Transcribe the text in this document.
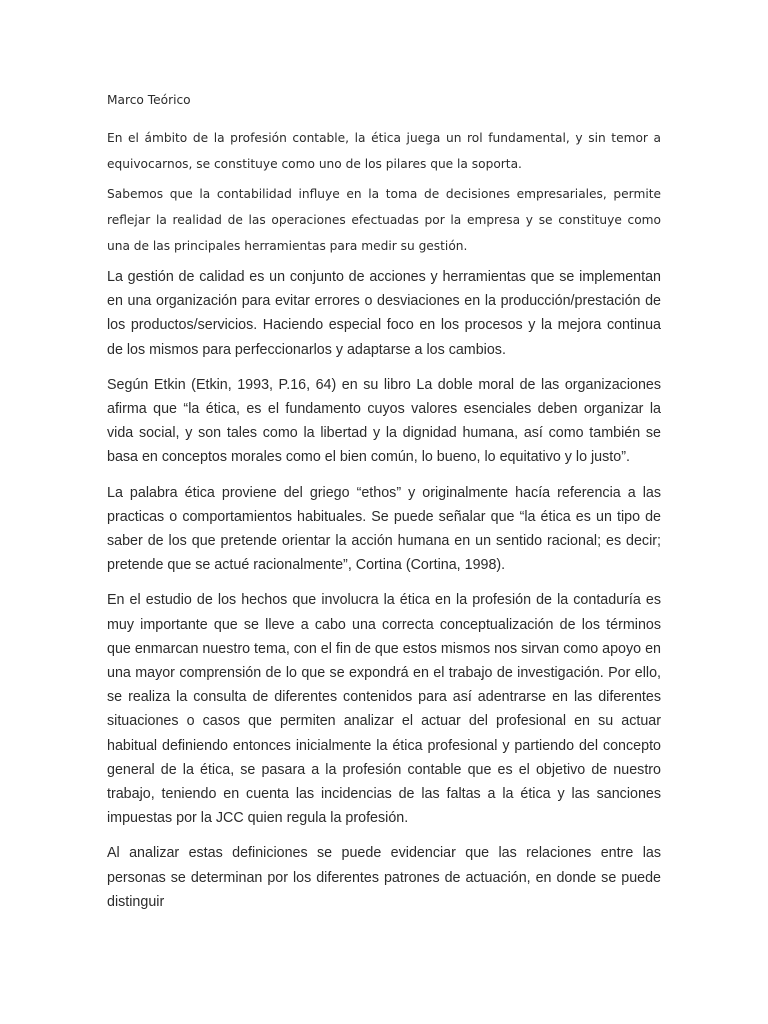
Marco Teórico

En el ámbito de la profesión contable, la ética juega un rol fundamental, y sin temor a equivocarnos, se constituye como uno de los pilares que la soporta.

Sabemos que la contabilidad influye en la toma de decisiones empresariales, permite reflejar la realidad de las operaciones efectuadas por la empresa y se constituye como una de las principales herramientas para medir su gestión.

La gestión de calidad es un conjunto de acciones y herramientas que se implementan en una organización para evitar errores o desviaciones en la producción/prestación de los productos/servicios. Haciendo especial foco en los procesos y la mejora continua de los mismos para perfeccionarlos y adaptarse a los cambios.

Según Etkin (Etkin, 1993, P.16, 64) en su libro La doble moral de las organizaciones afirma que “la ética, es el fundamento cuyos valores esenciales deben organizar la vida social, y son tales como la libertad y la dignidad humana, así como también se basa en conceptos morales como el bien común, lo bueno, lo equitativo y lo justo”.

La palabra ética proviene del griego “ethos” y originalmente hacía referencia a las practicas o comportamientos habituales. Se puede señalar que “la ética es un tipo de saber de los que pretende orientar la acción humana en un sentido racional; es decir; pretende que se actué racionalmente”, Cortina (Cortina, 1998).

En el estudio de los hechos que involucra la ética en la profesión de la contaduría es muy importante que se lleve a cabo una correcta conceptualización de los términos que enmarcan nuestro tema, con el fin de que estos mismos nos sirvan como apoyo en una mayor comprensión de lo que se expondrá en el trabajo de investigación. Por ello, se realiza la consulta de diferentes contenidos para así adentrarse en las diferentes situaciones o casos que permiten analizar el actuar del profesional en su actuar habitual definiendo entonces inicialmente la ética profesional y partiendo del concepto general de la ética, se pasara a la profesión contable que es el objetivo de nuestro trabajo, teniendo en cuenta las incidencias de las faltas a la ética y las sanciones impuestas por la JCC quien regula la profesión.

Al analizar estas definiciones se puede evidenciar que las relaciones entre las personas se determinan por los diferentes patrones de actuación, en donde se puede distinguir
